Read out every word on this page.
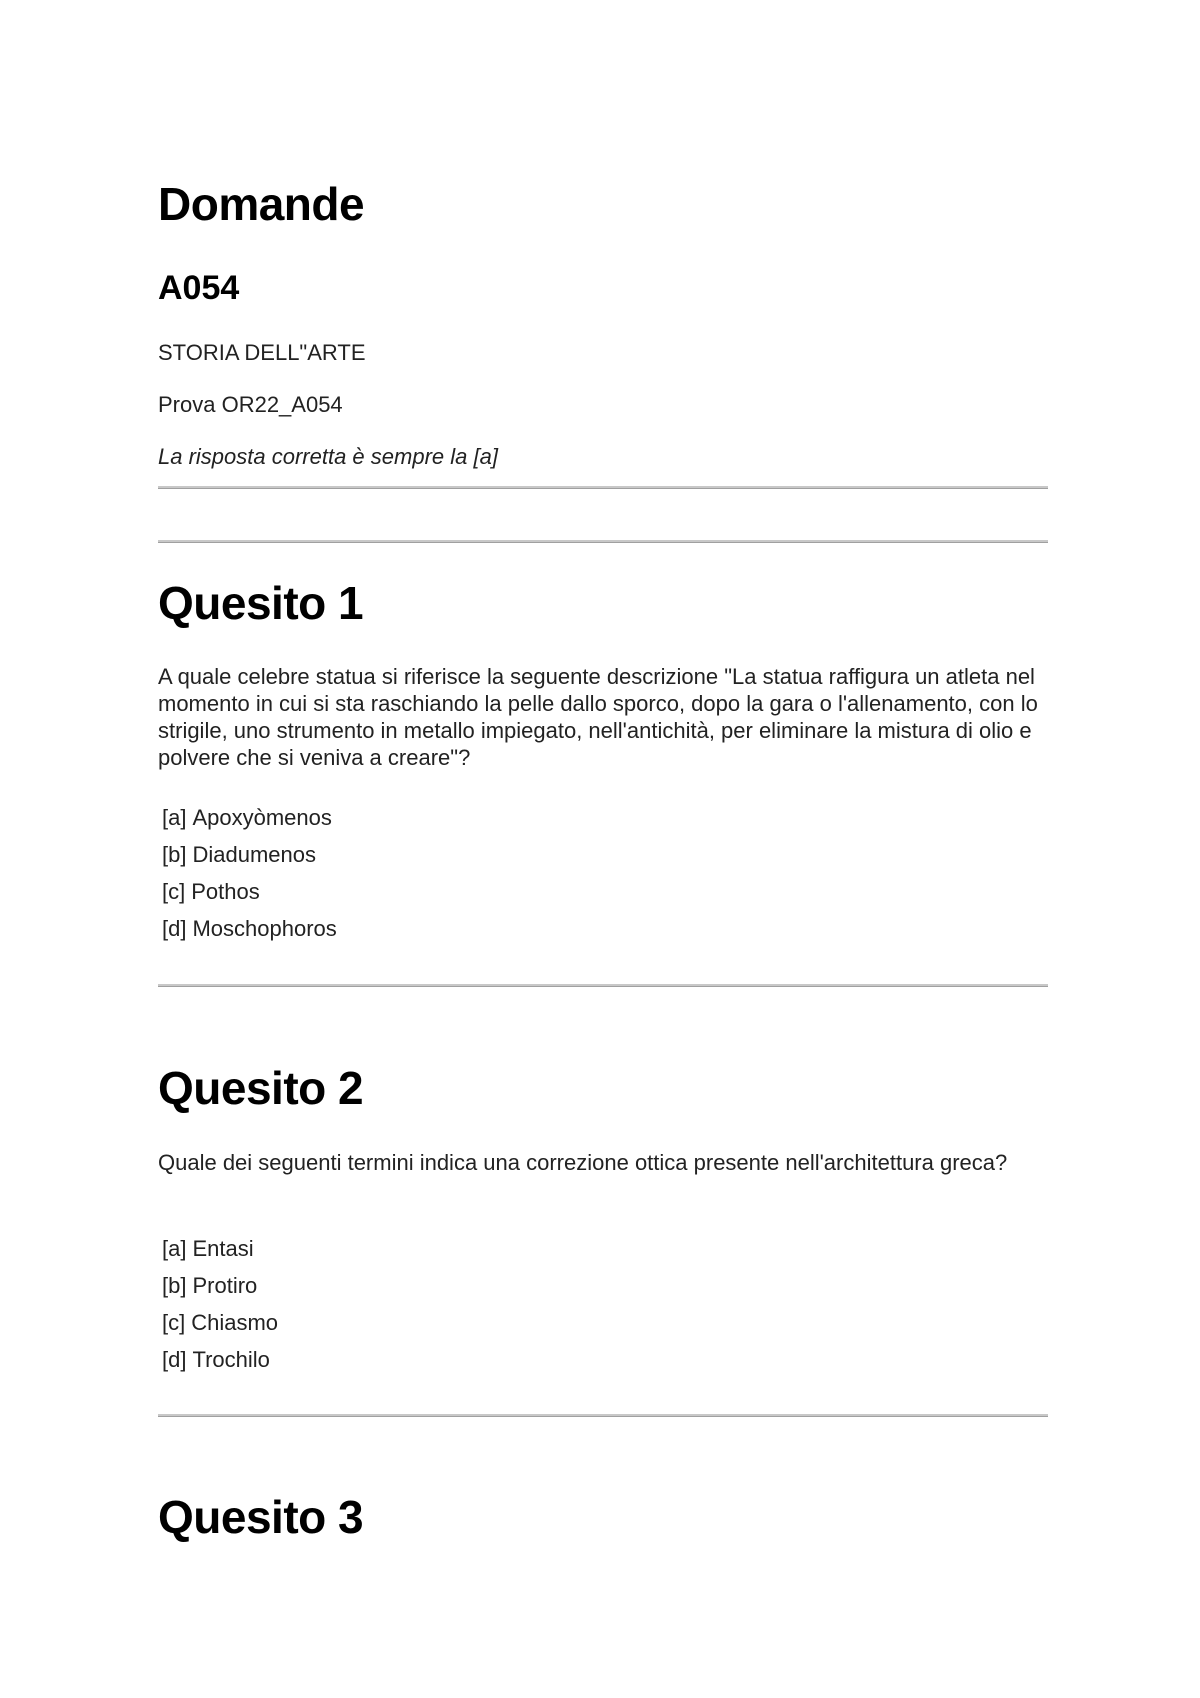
Domande
A054

STORIA DELL"ARTE

Prova OR22_A054

La risposta corretta è sempre la [a]

Quesito 1

A quale celebre statua si riferisce la seguente descrizione "La statua raffigura un atleta nel momento in cui si sta raschiando la pelle dallo sporco, dopo la gara o l'allenamento, con lo strigile, uno strumento in metallo impiegato, nell'antichità, per eliminare la mistura di olio e polvere che si veniva a creare"?

[a] Apoxyòmenos
[b] Diadumenos
[c] Pothos
[d] Moschophoros
Quesito 2

Quale dei seguenti termini indica una correzione ottica presente nell'architettura greca?

[a] Entasi
[b] Protiro
[c] Chiasmo
[d] Trochilo
Quesito 3
